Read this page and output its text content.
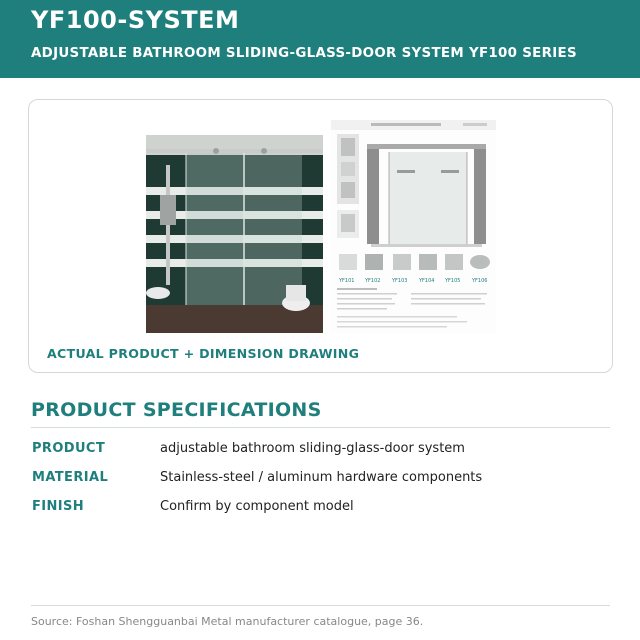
YF100-SYSTEM
ADJUSTABLE BATHROOM SLIDING-GLASS-DOOR SYSTEM YF100 SERIES
YF101 YF102 YF103 YF104 YF105 YF106
ACTUAL PRODUCT + DIMENSION DRAWING
PRODUCT SPECIFICATIONS
PRODUCT	adjustable bathroom sliding-glass-door system
MATERIAL	Stainless-steel / aluminum hardware components
FINISH	Confirm by component model
Source: Foshan Shengguanbai Metal manufacturer catalogue, page 36.
